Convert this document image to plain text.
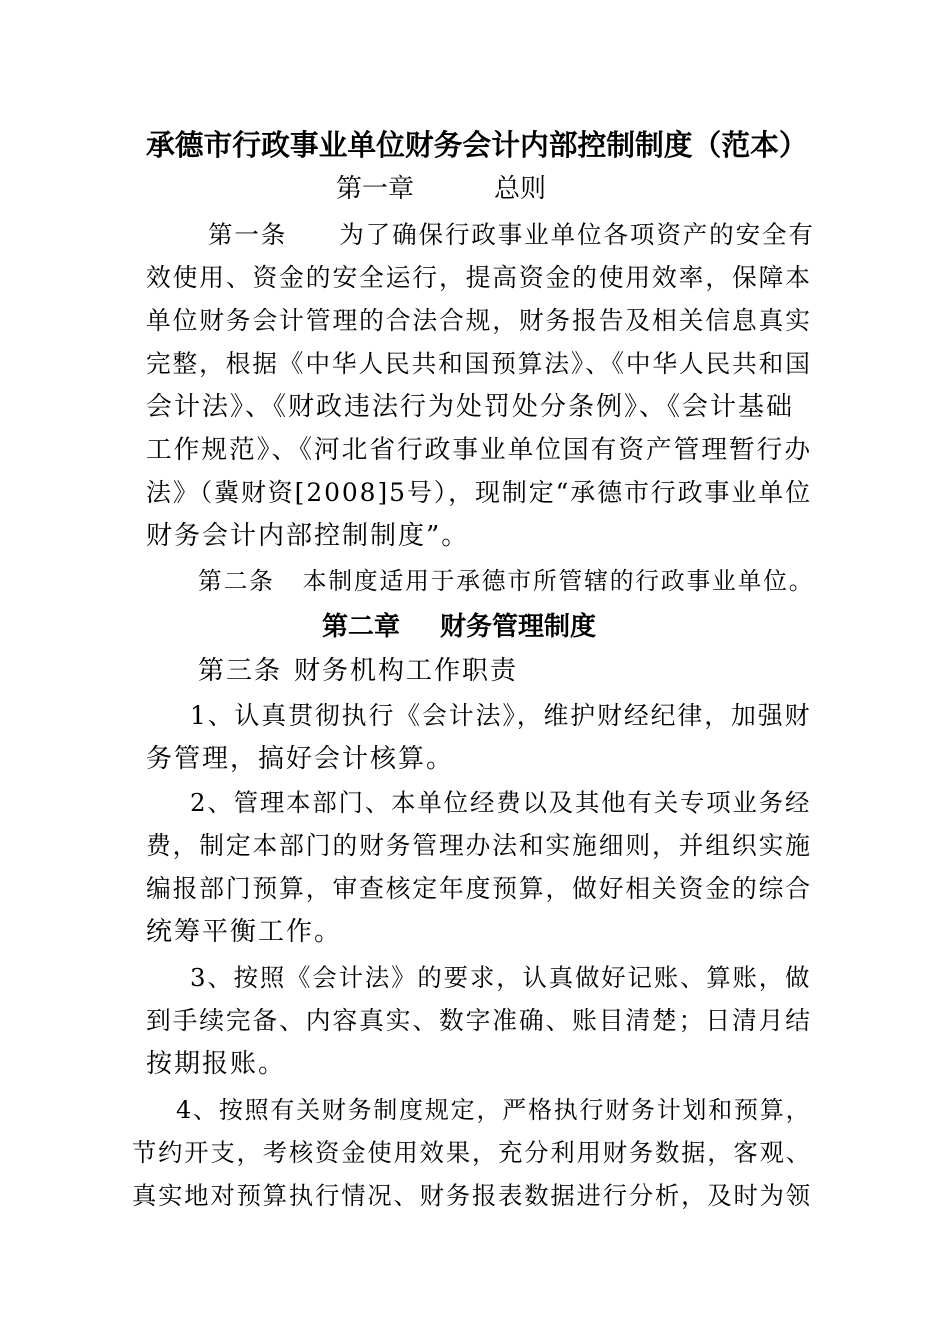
承德市行政事业单位财务会计内部控制制度（范本）
第一章	总则
第一条 为了确保行政事业单位各项资产的安全有
效使用、资金的安全运行，提高资金的使用效率，保障本
单位财务会计管理的合法合规，财务报告及相关信息真实
完整，根据《中华人民共和国预算法》、《中华人民共和国
会计法》、《财政违法行为处罚处分条例》、《会计基础
工作规范》、《河北省行政事业单位国有资产管理暂行办
法》（冀财资[2008]5号），现制定“承德市行政事业单位
财务会计内部控制制度”。
第二条 本制度适用于承德市所管辖的行政事业单位。
第二章 财务管理制度
第三条 财务机构工作职责
1、认真贯彻执行《会计法》，维护财经纪律，加强财
务管理，搞好会计核算。
2、管理本部门、本单位经费以及其他有关专项业务经
费，制定本部门的财务管理办法和实施细则，并组织实施
编报部门预算，审查核定年度预算，做好相关资金的综合
统筹平衡工作。
3、按照《会计法》的要求，认真做好记账、算账，做
到手续完备、内容真实、数字准确、账目清楚；日清月结
按期报账。
4、按照有关财务制度规定，严格执行财务计划和预算，
节约开支，考核资金使用效果，充分利用财务数据，客观、
真实地对预算执行情况、财务报表数据进行分析，及时为领
